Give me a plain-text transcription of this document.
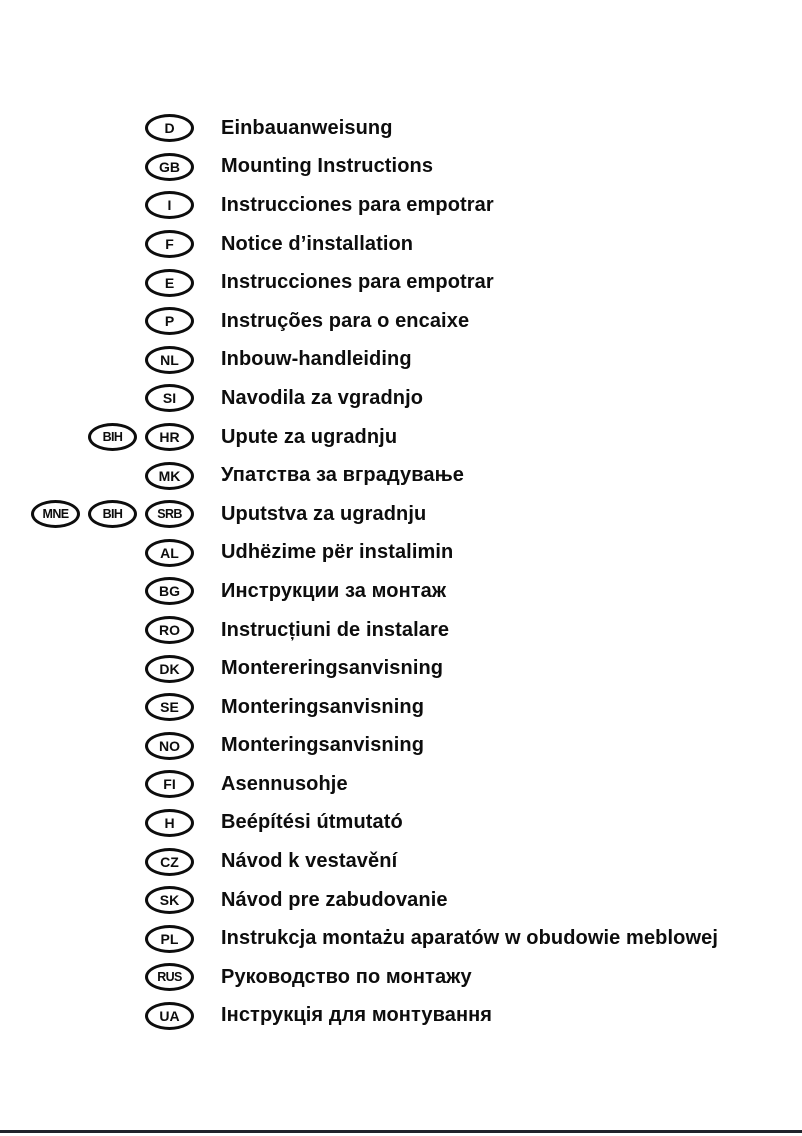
D	Einbauanweisung
GB	Mounting Instructions
I	Instrucciones para empotrar
F	Notice d’installation
E	Instrucciones para empotrar
P	Instruções para o encaixe
NL	Inbouw-handleiding
SI	Navodila za vgradnjo
BIH	HR	Upute za ugradnju
MK	Упатства за вградување
MNE	BIH	SRB	Uputstva za ugradnju
AL	Udhëzime për instalimin
BG	Инструкции за монтаж
RO	Instrucțiuni de instalare
DK	Montereringsanvisning
SE	Monteringsanvisning
NO	Monteringsanvisning
FI	Asennusohje
H	Beépítési útmutató
CZ	Návod k vestavění
SK	Návod pre zabudovanie
PL	Instrukcja montażu aparatów w obudowie meblowej
RUS	Руководство по монтажу
UA	Інструкція для монтування
